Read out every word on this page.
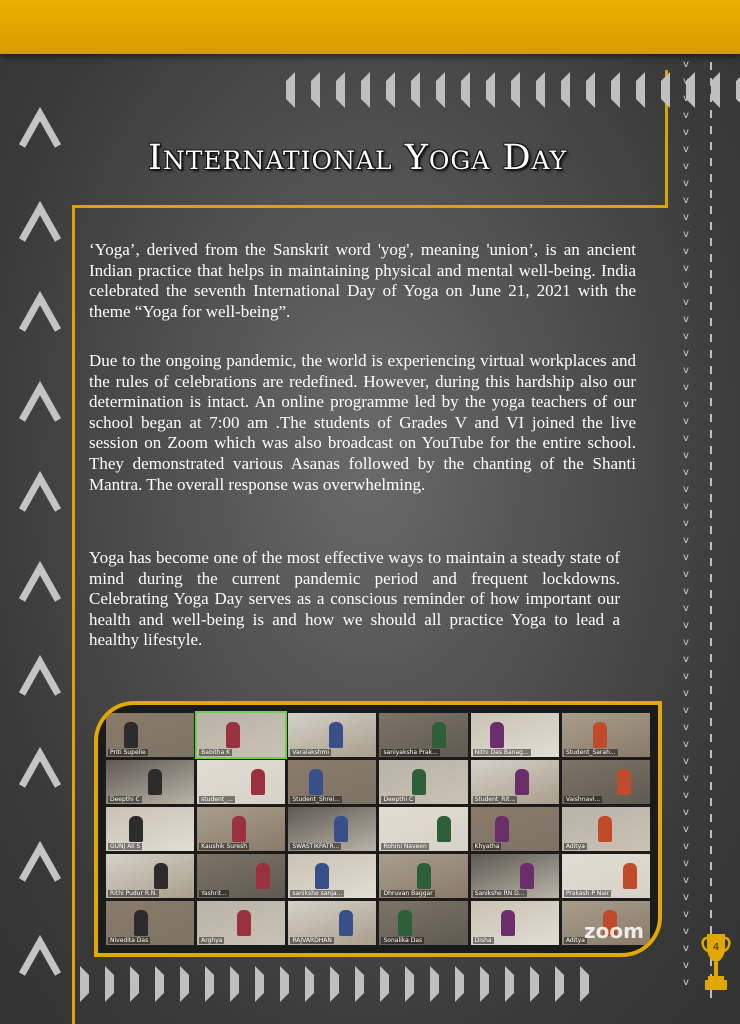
v
v
v
v
v
v
v
v
v
v
v
v
v
v
v
v
v
v
v
v
v
v
v
v
v
v
v
v
v
v
v
v
v
v
v
v
v
v
v
v
v
v
v
v
v
v
v
v
v
v
v
v
v
v
v
International Yoga Day

‘Yoga’, derived from the Sanskrit word 'yog', meaning 'union’, is an ancient Indian practice that helps in maintaining physical and mental well-being. India celebrated the seventh International Day of Yoga on June 21, 2021 with the theme “Yoga for well-being”.

Due to the ongoing pandemic, the world is experiencing virtual workplaces and the rules of celebrations are redefined. However, during this hardship also our determination is intact. An online programme led by the yoga teachers of our school began at 7:00 am .The students of Grades V and VI joined the live session on Zoom which was also broadcast on YouTube for the entire school. They demonstrated various Asanas followed by the chanting of the Shanti Mantra. The overall response was overwhelming.

Yoga has become one of the most effective ways to maintain a steady state of mind during the current pandemic period and frequent lockdowns. Celebrating Yoga Day serves as a conscious reminder of how important our health and well-being is and how we should all practice Yoga to lead a healthy lifestyle.

Priti Supelie	Babitha K	Varalakshmi	saniyaksha Prak...	Nithi Das Banag...	Student_Sarah...
Deepthi C	student_...	Student_Shrei...	Deepthi C	Student_Rit...	Vaishnavi...
GUNJ Ali S	Kaushik Suresh	SWASTIKPATR...	Rohini Naveen	Khyatha	Aditya
Rithi Pudur R.N.	Yashrit...	sanikshe sanja...	Dhruvan Baggar	Sanikshe RN D...	Prakash P Nair
Nivedita Das	Arghya	RAJVARDHAN	Sonalika Das	Disha	Aditya zoom
4
